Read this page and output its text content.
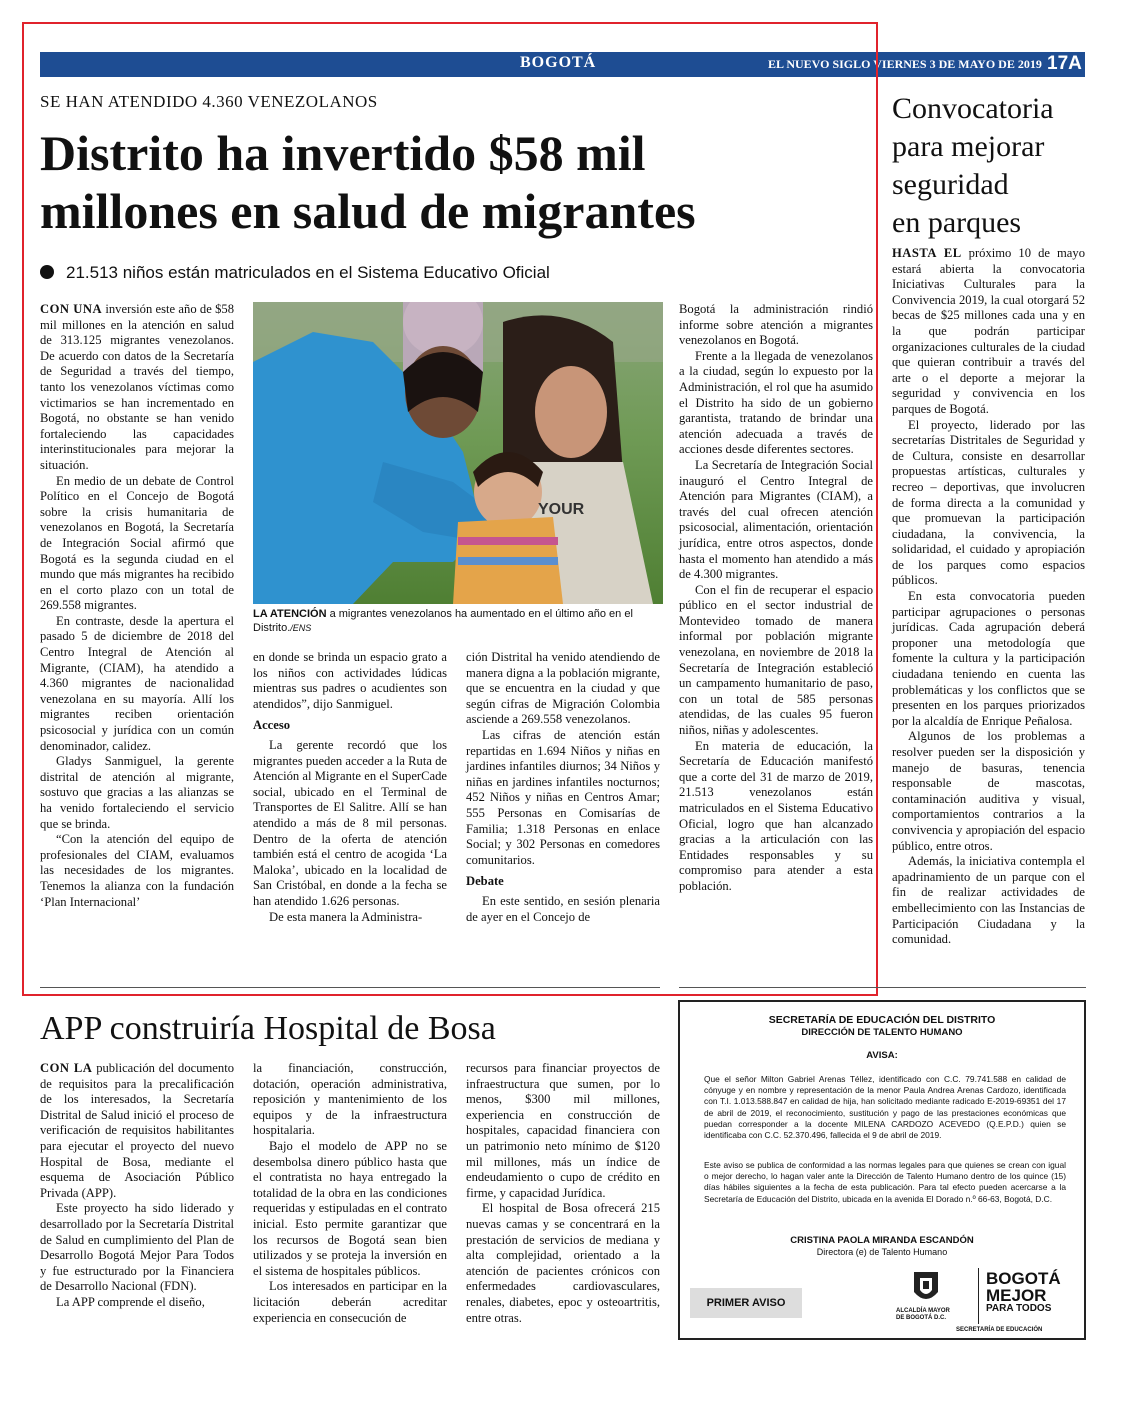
BOGOTÁ	EL NUEVO SIGLO VIERNES 3 DE MAYO DE 2019 17A
SE HAN ATENDIDO 4.360 VENEZOLANOS
Distrito ha invertido $58 mil
millones en salud de migrantes
21.513 niños están matriculados en el Sistema Educativo Oficial

CON UNA inversión este año de $58 mil millones en la atención en salud de 313.125 migrantes venezolanos. De acuerdo con datos de la Secretaría de Seguridad a través del tiempo, tanto los venezolanos víctimas como victimarios se han incrementado en Bogotá, no obstante se han venido fortaleciendo las capacidades interinstitucionales para mejorar la situación.

En medio de un debate de Control Político en el Concejo de Bogotá sobre la crisis humanitaria de venezolanos en Bogotá, la Secretaría de Integración Social afirmó que Bogotá es la segunda ciudad en el mundo que más migrantes ha recibido en el corto plazo con un total de 269.558 migrantes.

En contraste, desde la apertura el pasado 5 de diciembre de 2018 del Centro Integral de Atención al Migrante, (CIAM), ha atendido a 4.360 migrantes de nacionalidad venezolana en su mayoría. Allí los migrantes reciben orientación psicosocial y jurídica con un común denominador, calidez.

Gladys Sanmiguel, la gerente distrital de atención al migrante, sostuvo que gracias a las alianzas se ha venido fortaleciendo el servicio que se brinda.

“Con la atención del equipo de profesionales del CIAM, evaluamos las necesidades de los migrantes. Tenemos la alianza con la fundación ‘Plan Internacional’

YOUR
LA ATENCIÓN a migrantes venezolanos ha aumentado en el último año en el Distrito./ENS

en donde se brinda un espacio grato a los niños con actividades lúdicas mientras sus padres o acudientes son atendidos”, dijo Sanmiguel.

Acceso

La gerente recordó que los migrantes pueden acceder a la Ruta de Atención al Migrante en el SuperCade social, ubicado en el Terminal de Transportes de El Salitre. Allí se han atendido a más de 8 mil personas. Dentro de la oferta de atención también está el centro de acogida ‘La Maloka’, ubicado en la localidad de San Cristóbal, en donde a la fecha se han atendido 1.626 personas.

De esta manera la Administra-

ción Distrital ha venido atendiendo de manera digna a la población migrante, que se encuentra en la ciudad y que según cifras de Migración Colombia asciende a 269.558 venezolanos.

Las cifras de atención están repartidas en 1.694 Niños y niñas en jardines infantiles diurnos; 34 Niños y niñas en jardines infantiles nocturnos; 452 Niños y niñas en Centros Amar; 555 Personas en Comisarías de Familia; 1.318 Personas en enlace Social; y 302 Personas en comedores comunitarios.

Debate

En este sentido, en sesión plenaria de ayer en el Concejo de

Bogotá la administración rindió informe sobre atención a migrantes venezolanos en Bogotá.

Frente a la llegada de venezolanos a la ciudad, según lo expuesto por la Administración, el rol que ha asumido el Distrito ha sido de un gobierno garantista, tratando de brindar una atención adecuada a través de acciones desde diferentes sectores.

La Secretaría de Integración Social inauguró el Centro Integral de Atención para Migrantes (CIAM), a través del cual ofrecen atención psicosocial, alimentación, orientación jurídica, entre otros aspectos, donde hasta el momento han atendido a más de 4.300 migrantes.

Con el fin de recuperar el espacio público en el sector industrial de Montevideo tomado de manera informal por población migrante venezolana, en noviembre de 2018 la Secretaría de Integración estableció un campamento humanitario de paso, con un total de 585 personas atendidas, de las cuales 95 fueron niños, niñas y adolescentes.

En materia de educación, la Secretaría de Educación manifestó que a corte del 31 de marzo de 2019, 21.513 venezolanos están matriculados en el Sistema Educativo Oficial, logro que han alcanzado gracias a la articulación con las Entidades responsables y su compromiso para atender a esta población.

Convocatoria
para mejorar
seguridad
en parques

HASTA EL próximo 10 de mayo estará abierta la convocatoria Iniciativas Culturales para la Convivencia 2019, la cual otorgará 52 becas de $25 millones cada una y en la que podrán participar organizaciones culturales de la ciudad que quieran contribuir a través del arte o el deporte a mejorar la seguridad y convivencia en los parques de Bogotá.

El proyecto, liderado por las secretarías Distritales de Seguridad y de Cultura, consiste en desarrollar propuestas artísticas, culturales y recreo – deportivas, que involucren de forma directa a la comunidad y que promuevan la participación ciudadana, la convivencia, la solidaridad, el cuidado y apropiación de los parques como espacios públicos.

En esta convocatoria pueden participar agrupaciones o personas jurídicas. Cada agrupación deberá proponer una metodología que fomente la cultura y la participación ciudadana teniendo en cuenta las problemáticas y los conflictos que se presenten en los parques priorizados por la alcaldía de Enrique Peñalosa.

Algunos de los problemas a resolver pueden ser la disposición y manejo de basuras, tenencia responsable de mascotas, contaminación auditiva y visual, comportamientos contrarios a la convivencia y apropiación del espacio público, entre otros.

Además, la iniciativa contempla el apadrinamiento de un parque con el fin de realizar actividades de embellecimiento con las Instancias de Participación Ciudadana y la comunidad.

APP construiría Hospital de Bosa

CON LA publicación del documento de requisitos para la precalificación de los interesados, la Secretaría Distrital de Salud inició el proceso de verificación de requisitos habilitantes para ejecutar el proyecto del nuevo Hospital de Bosa, mediante el esquema de Asociación Público Privada (APP).

Este proyecto ha sido liderado y desarrollado por la Secretaría Distrital de Salud en cumplimiento del Plan de Desarrollo Bogotá Mejor Para Todos y fue estructurado por la Financiera de Desarrollo Nacional (FDN).

La APP comprende el diseño,

la financiación, construcción, dotación, operación administrativa, reposición y mantenimiento de los equipos y de la infraestructura hospitalaria.

Bajo el modelo de APP no se desembolsa dinero público hasta que el contratista no haya entregado la totalidad de la obra en las condiciones requeridas y estipuladas en el contrato inicial. Esto permite garantizar que los recursos de Bogotá sean bien utilizados y se proteja la inversión en el sistema de hospitales públicos.

Los interesados en participar en la licitación deberán acreditar experiencia en consecución de

recursos para financiar proyectos de infraestructura que sumen, por lo menos, $300 mil millones, experiencia en construcción de hospitales, capacidad financiera con un patrimonio neto mínimo de $120 mil millones, más un índice de endeudamiento o cupo de crédito en firme, y capacidad Jurídica.

El hospital de Bosa ofrecerá 215 nuevas camas y se concentrará en la prestación de servicios de mediana y alta complejidad, orientado a la atención de pacientes crónicos con enfermedades cardiovasculares, renales, diabetes, epoc y osteoartritis, entre otras.

SECRETARÍA DE EDUCACIÓN DEL DISTRITO
DIRECCIÓN DE TALENTO HUMANO
AVISA:
Que el señor Milton Gabriel Arenas Téllez, identificado con C.C. 79.741.588 en calidad de cónyuge y en nombre y representación de la menor Paula Andrea Arenas Cardozo, identificada con T.I. 1.013.588.847 en calidad de hija, han solicitado mediante radicado E-2019-69351 del 17 de abril de 2019, el reconocimiento, sustitución y pago de las prestaciones económicas que puedan corresponder a la docente MILENA CARDOZO ACEVEDO (Q.E.P.D.) quien se identificaba con C.C. 52.370.496, fallecida el 9 de abril de 2019.
Este aviso se publica de conformidad a las normas legales para que quienes se crean con igual o mejor derecho, lo hagan valer ante la Dirección de Talento Humano dentro de los quince (15) días hábiles siguientes a la fecha de esta publicación. Para tal efecto pueden acercarse a la Secretaría de Educación del Distrito, ubicada en la avenida El Dorado n.º 66-63, Bogotá, D.C.
CRISTINA PAOLA MIRANDA ESCANDÓN
Directora (e) de Talento Humano
PRIMER AVISO
ALCALDÍA MAYOR
DE BOGOTÁ D.C.
BOGOTÁ
MEJOR
PARA TODOS
SECRETARÍA DE EDUCACIÓN
